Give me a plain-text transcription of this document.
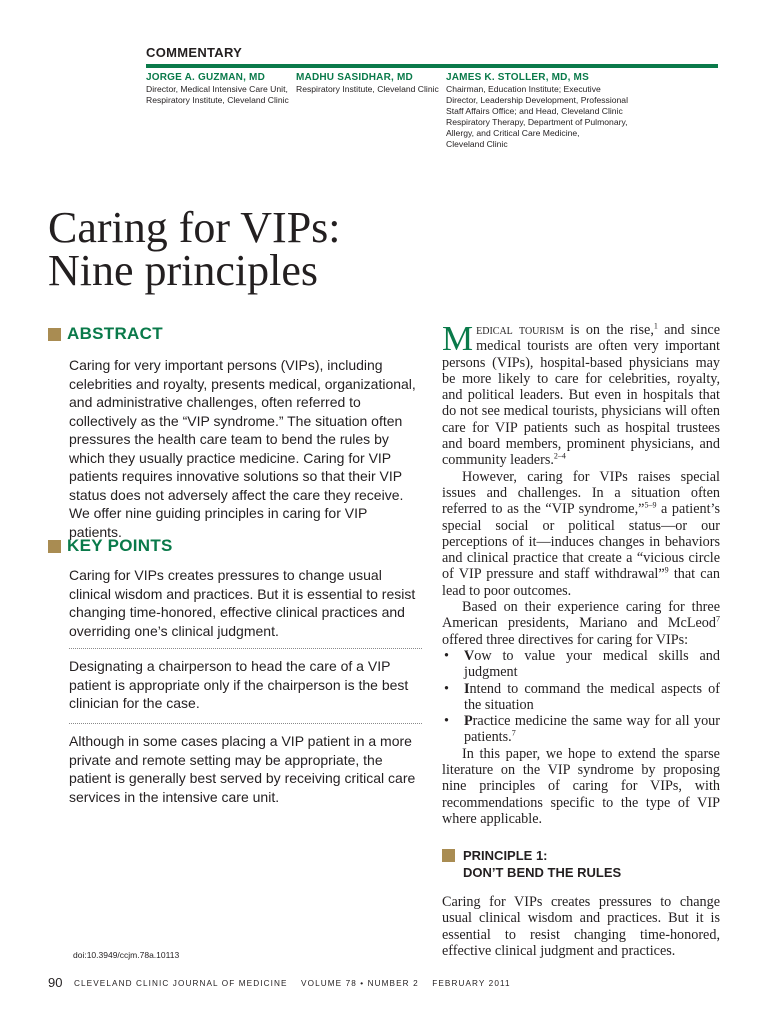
COMMENTARY
JORGE A. GUZMAN, MD
Director, Medical Intensive Care Unit,
Respiratory Institute, Cleveland Clinic
MADHU SASIDHAR, MD
Respiratory Institute, Cleveland Clinic
JAMES K. STOLLER, MD, MS
Chairman, Education Institute; Executive
Director, Leadership Development, Professional
Staff Affairs Office; and Head, Cleveland Clinic
Respiratory Therapy, Department of Pulmonary,
Allergy, and Critical Care Medicine,
Cleveland Clinic
Caring for VIPs:
Nine principles
ABSTRACT
Caring for very important persons (VIPs), including celebrities and royalty, presents medical, organizational, and administrative challenges, often referred to collectively as the “VIP syndrome.” The situation often pressures the health care team to bend the rules by which they usually practice medicine. Caring for VIP patients requires innovative solutions so that their VIP status does not adversely affect the care they receive. We offer nine guiding principles in caring for VIP patients.
KEY POINTS
Caring for VIPs creates pressures to change usual clinical wisdom and practices. But it is essential to resist changing time-honored, effective clinical practices and overriding one’s clinical judgment.
Designating a chairperson to head the care of a VIP patient is appropriate only if the chairperson is the best clinician for the case.
Although in some cases placing a VIP patient in a more private and remote setting may be appropriate, the patient is generally best served by receiving critical care services in the intensive care unit.

Medical tourism is on the rise,$^1$ and since medical tourists are often very important persons (VIPs), hospital-based physicians may be more likely to care for celebrities, royalty, and political leaders. But even in hospitals that do not see medical tourists, physicians will often care for VIP patients such as hospital trustees and board members, prominent physicians, and community leaders.$^{2-4}$

However, caring for VIPs raises special issues and challenges. In a situation often referred to as the “VIP syndrome,”$^{5-9}$ a patient’s special social or political status—or our perceptions of it—induces changes in behaviors and clinical practice that create a “vicious circle of VIP pressure and staff withdrawal”$^9$ that can lead to poor outcomes.

Based on their experience caring for three American presidents, Mariano and McLeod$^7$ offered three directives for caring for VIPs:

• Vow to value your medical skills and judgment
• Intend to command the medical aspects of the situation
• Practice medicine the same way for all your patients.$^7$

In this paper, we hope to extend the sparse literature on the VIP syndrome by proposing nine principles of caring for VIPs, with recommendations specific to the type of VIP where applicable.

PRINCIPLE 1:
DON’T BEND THE RULES
Caring for VIPs creates pressures to change usual clinical wisdom and practices. But it is essential to resist changing time-honored, effective clinical judgment and practices.
doi:10.3949/ccjm.78a.10113
90 CLEVELAND CLINIC JOURNAL OF MEDICINE    VOLUME 78 • NUMBER 2    FEBRUARY 2011
